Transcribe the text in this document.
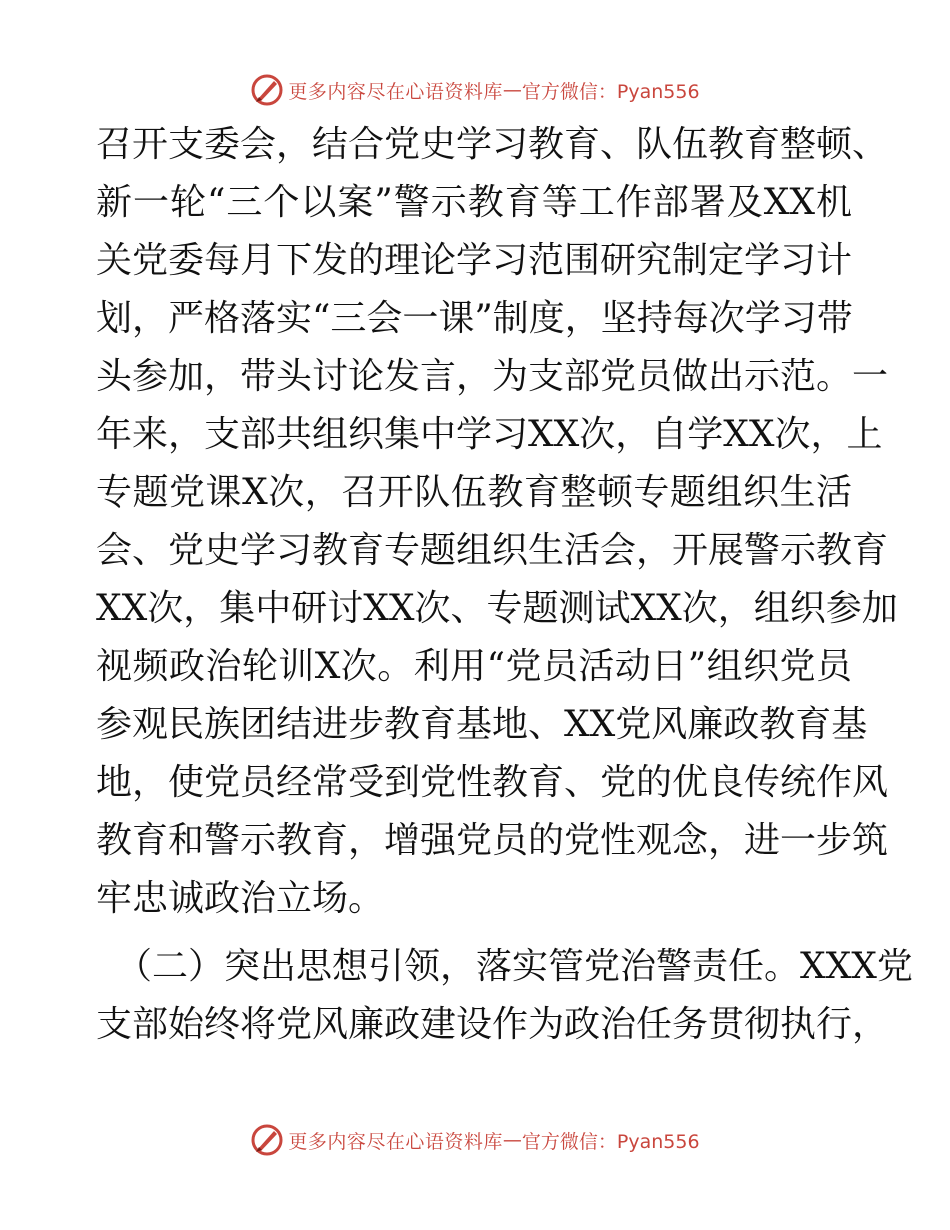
更多内容尽在心语资料库 — 官方微信：Pyan556
召开支委会，结合党史学习教育、队伍教育整顿、
新一轮“三个以案”警示教育等工作部署及XX机
关党委每月下发的理论学习范围研究制定学习计
划，严格落实“三会一课”制度，坚持每次学习带
头参加，带头讨论发言，为支部党员做出示范。一
年来，支部共组织集中学习XX次，自学XX次，上
专题党课X次，召开队伍教育整顿专题组织生活
会、党史学习教育专题组织生活会，开展警示教育
XX次，集中研讨XX次、专题测试XX次，组织参加
视频政治轮训X次。利用“党员活动日”组织党员
参观民族团结进步教育基地、XX党风廉政教育基
地，使党员经常受到党性教育、党的优良传统作风
教育和警示教育，增强党员的党性观念，进一步筑
牢忠诚政治立场。
（二）突出思想引领，落实管党治警责任。XXX党
支部始终将党风廉政建设作为政治任务贯彻执行，
更多内容尽在心语资料库 — 官方微信：Pyan556
